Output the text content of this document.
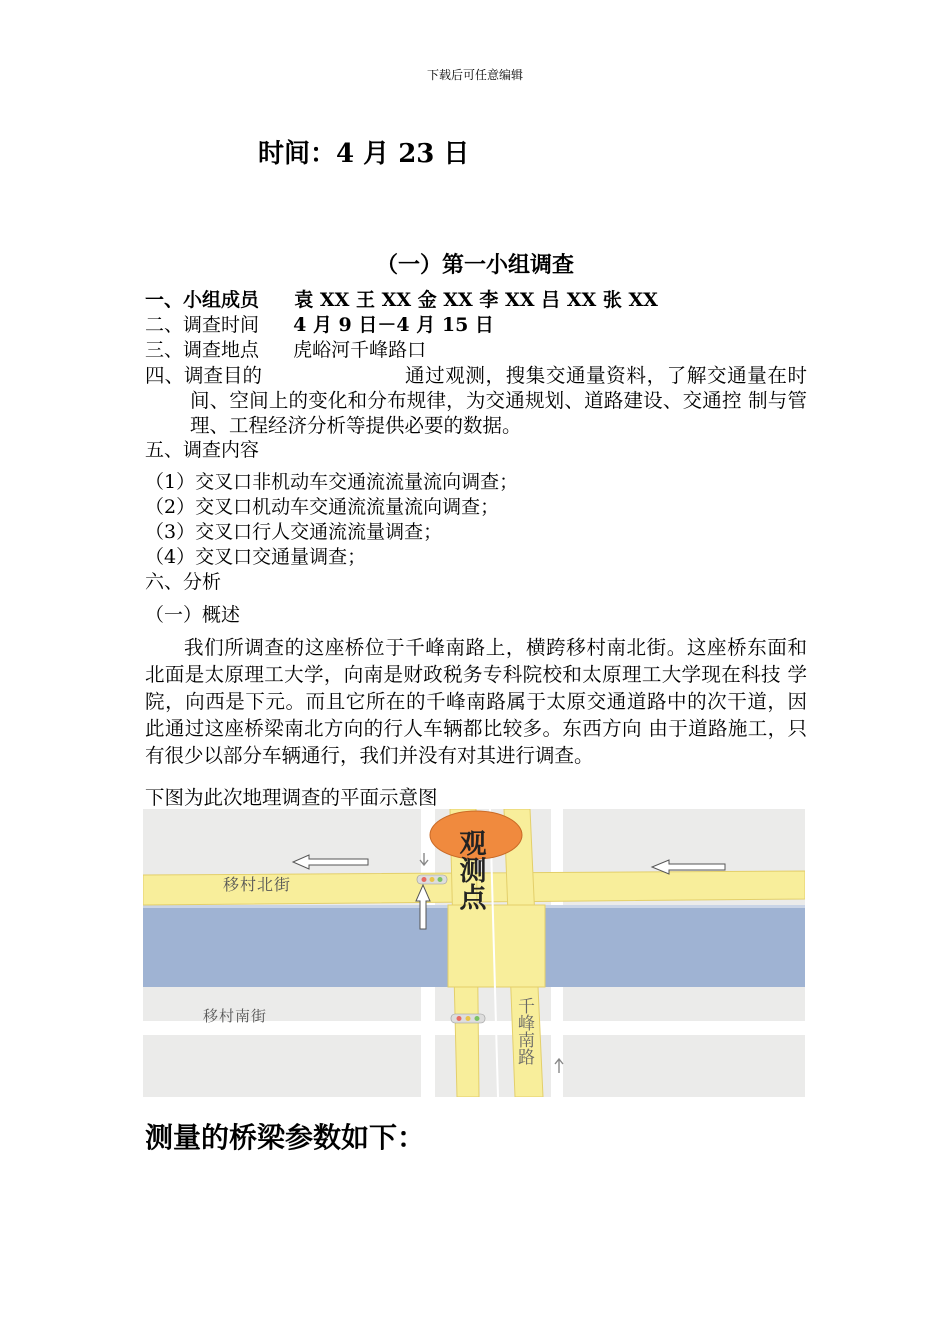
下载后可任意编辑
时间：4 月 23 日
（一）第一小组调查
一、小组成员 袁 XX 王 XX 金 XX 李 XX 吕 XX 张 XX
二、调查时间 4 月 9 日－4 月 15 日
三、调查地点 虎峪河千峰路口
四、调查目的	通过观测，搜集交通量资料，了解交通量在时间、空间上的变化和分布规律，为交通规划、道路建设、交通控 制与管理、工程经济分析等提供必要的数据。
五、调查内容
（1）交叉口非机动车交通流流量流向调查；
（2）交叉口机动车交通流流量流向调查；
（3）交叉口行人交通流流量调查；
（4）交叉口交通量调查；
六、分析
（一）概述
我们所调查的这座桥位于千峰南路上，横跨移村南北街。这座桥东面和北面是太原理工大学，向南是财政税务专科院校和太原理工大学现在科技 学院，向西是下元。而且它所在的千峰南路属于太原交通道路中的次干道，因此通过这座桥梁南北方向的行人车辆都比较多。东西方向 由于道路施工，只有很少以部分车辆通行，我们并没有对其进行调查。
下图为此次地理调查的平面示意图
移村北街
移村南街	千峰南路
观测点
测量的桥梁参数如下：
